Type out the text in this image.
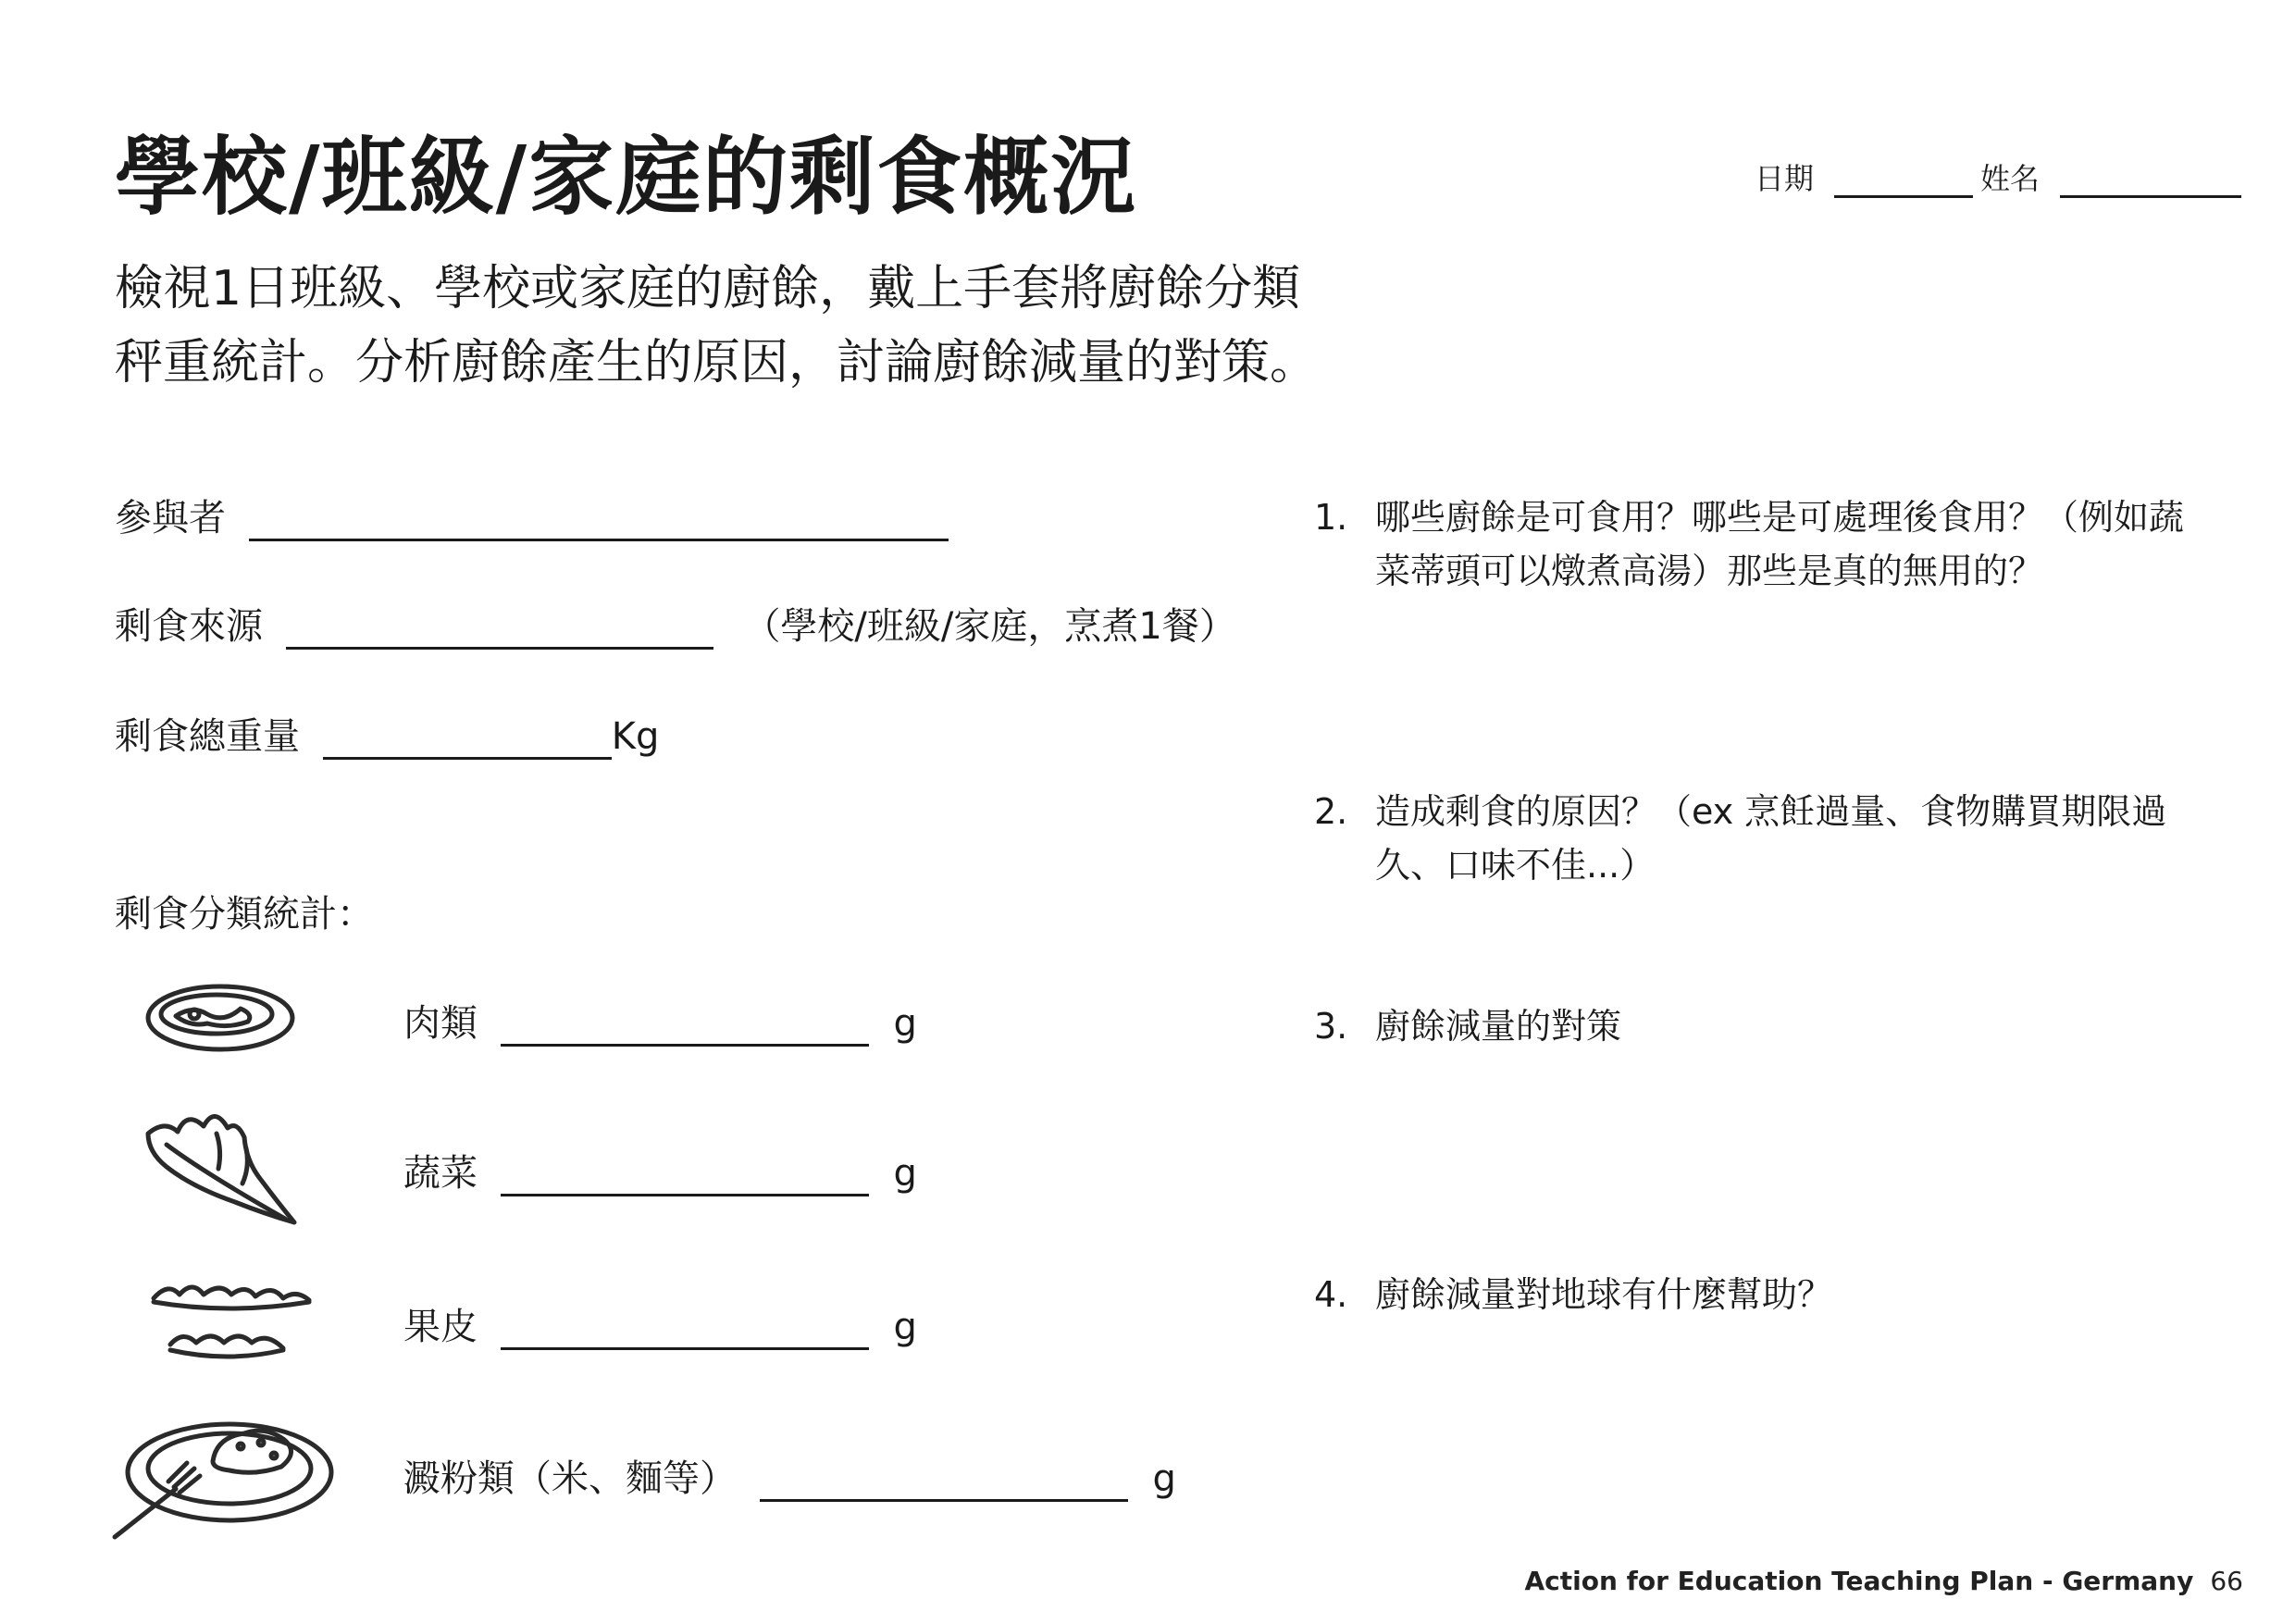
學校/班級/家庭的剩食概況	日期	姓名
檢視1日班級、學校或家庭的廚餘，戴上手套將廚餘分類
秤重統計。分析廚餘產生的原因，討論廚餘減量的對策。
參與者
剩食來源	（學校/班級/家庭，烹煮1餐）
剩食總重量	Kg
剩食分類統計：
肉類	g
蔬菜	g
果皮	g
澱粉類（米、麵等）	g
1. 哪些廚餘是可食用？哪些是可處理後食用？（例如蔬菜蒂頭可以燉煮高湯）那些是真的無用的？
2. 造成剩食的原因？（ex 烹飪過量、食物購買期限過久、口味不佳...）
3. 廚餘減量的對策
4. 廚餘減量對地球有什麼幫助？
Action for Education Teaching Plan - Germany 66
